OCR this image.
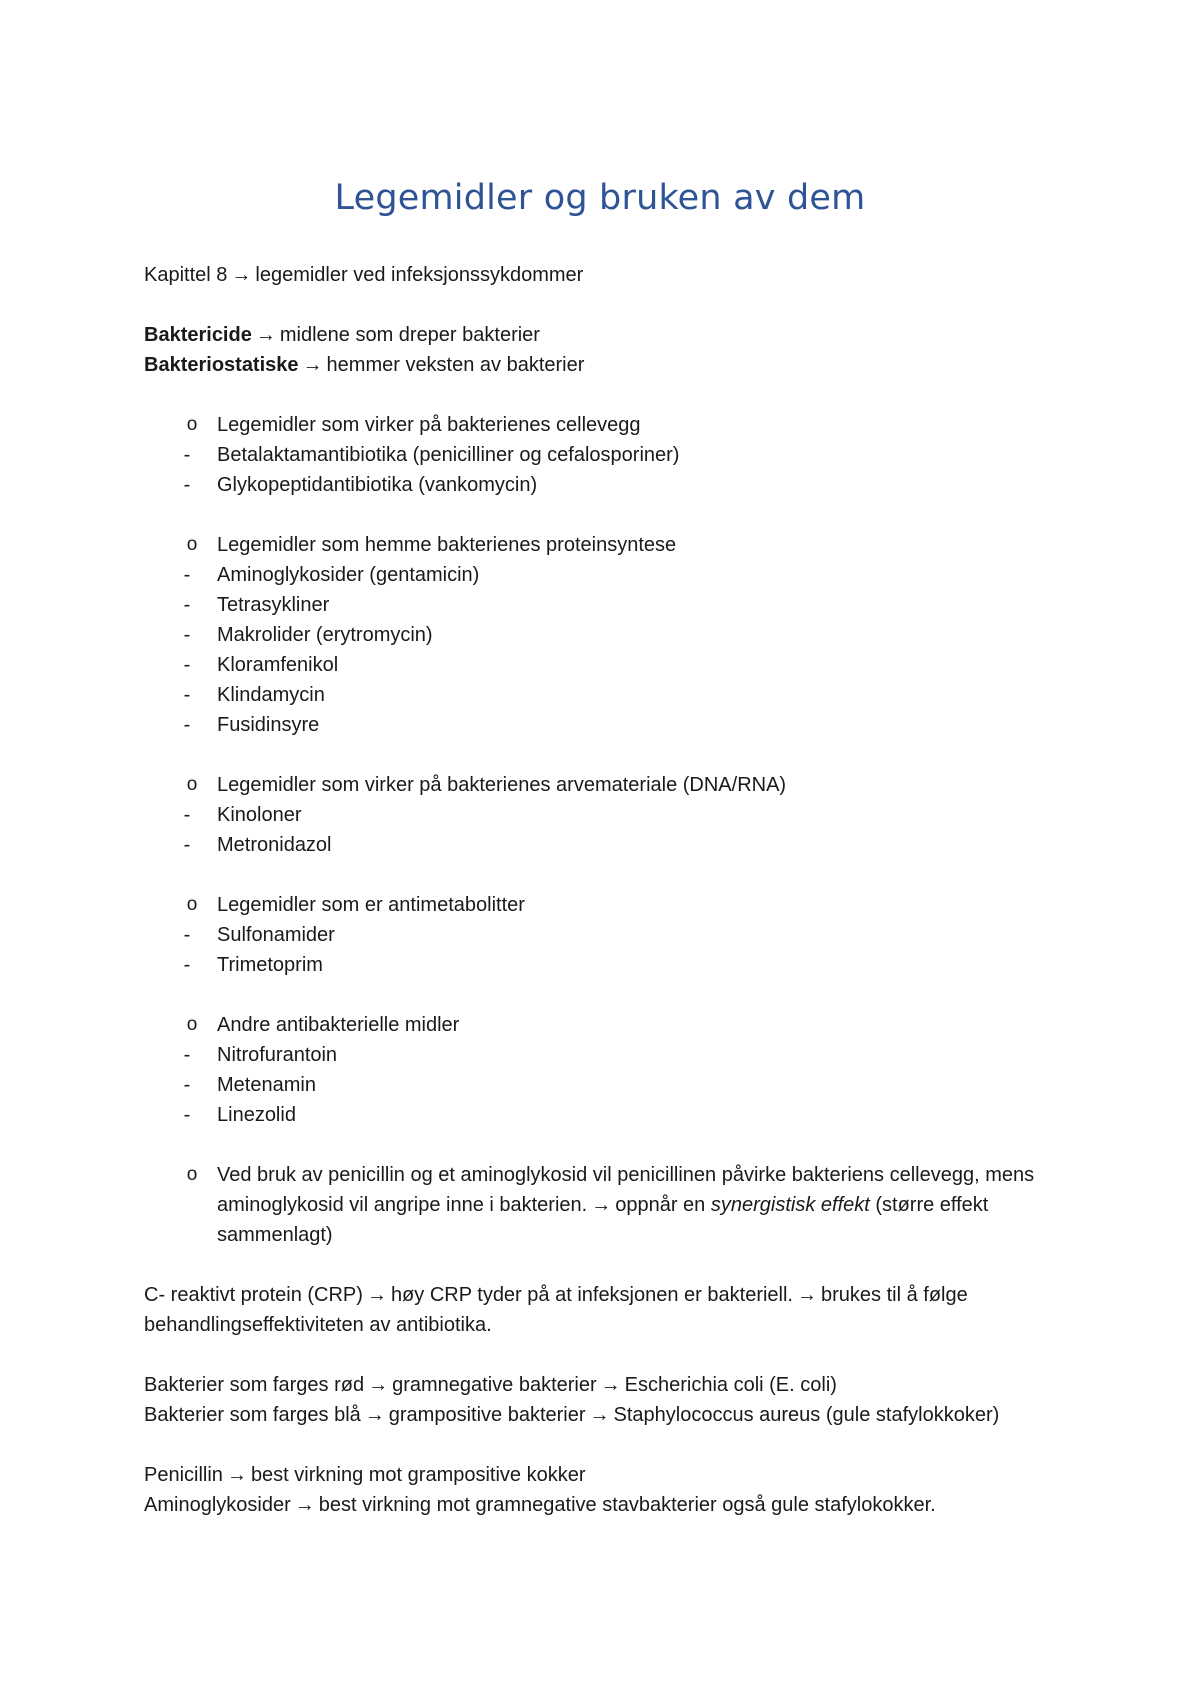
Legemidler og bruken av dem

Kapittel 8 → legemidler ved infeksjonssykdommer

Baktericide → midlene som dreper bakterier

Bakteriostatiske → hemmer veksten av bakterier

o Legemidler som virker på bakterienes cellevegg
- Betalaktamantibiotika (penicilliner og cefalosporiner)
- Glykopeptidantibiotika (vankomycin)
o Legemidler som hemme bakterienes proteinsyntese
- Aminoglykosider (gentamicin)
- Tetrasykliner
- Makrolider (erytromycin)
- Kloramfenikol
- Klindamycin
- Fusidinsyre
o Legemidler som virker på bakterienes arvemateriale (DNA/RNA)
- Kinoloner
- Metronidazol
o Legemidler som er antimetabolitter
- Sulfonamider
- Trimetoprim
o Andre antibakterielle midler
- Nitrofurantoin
- Metenamin
- Linezolid
o Ved bruk av penicillin og et aminoglykosid vil penicillinen påvirke bakteriens cellevegg, mens aminoglykosid vil angripe inne i bakterien. → oppnår en synergistisk effekt (større effekt sammenlagt)

C- reaktivt protein (CRP) → høy CRP tyder på at infeksjonen er bakteriell. → brukes til å følge behandlingseffektiviteten av antibiotika.

Bakterier som farges rød → gramnegative bakterier → Escherichia coli (E. coli)

Bakterier som farges blå → grampositive bakterier → Staphylococcus aureus (gule stafylokkoker)

Penicillin → best virkning mot grampositive kokker

Aminoglykosider → best virkning mot gramnegative stavbakterier også gule stafylokokker.
